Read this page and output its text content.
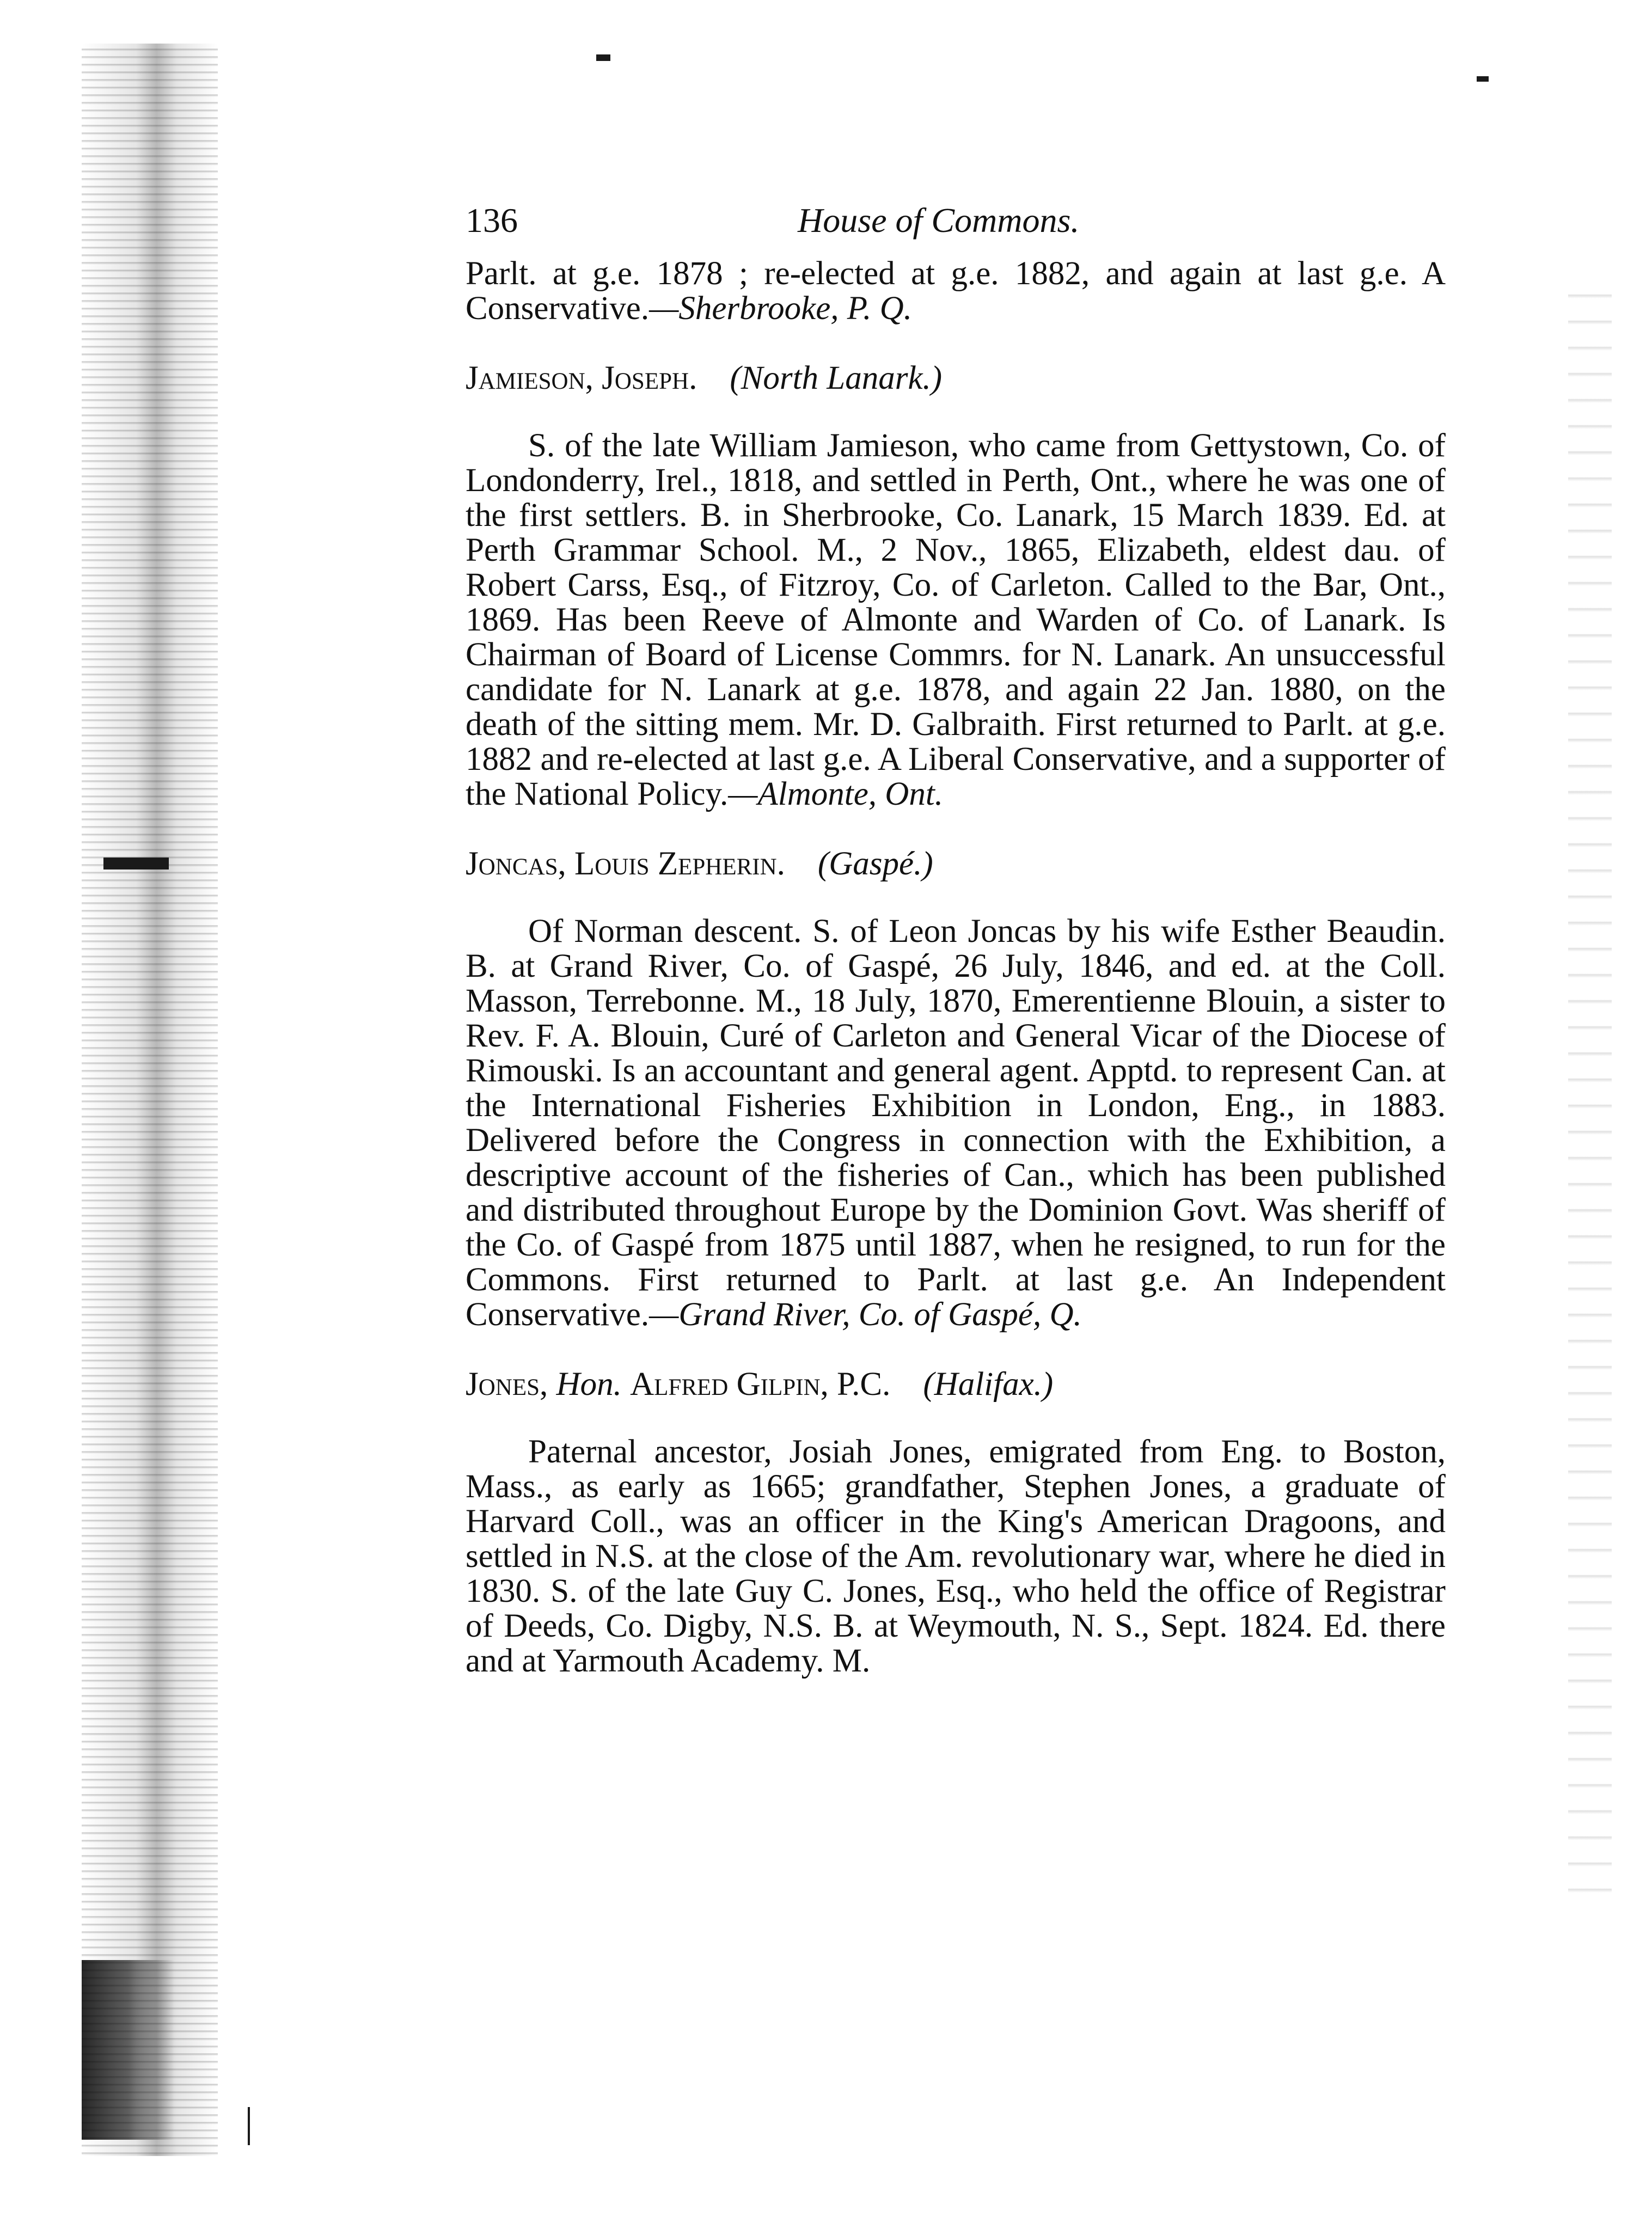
136	House of Commons.

Parlt. at g.e. 1878 ; re-elected at g.e. 1882, and again at last g.e. A Conservative.—Sherbrooke, P. Q.

Jamieson, Joseph. (North Lanark.)

S. of the late William Jamieson, who came from Gettystown, Co. of Londonderry, Irel., 1818, and settled in Perth, Ont., where he was one of the first settlers. B. in Sherbrooke, Co. Lanark, 15 March 1839. Ed. at Perth Grammar School. M., 2 Nov., 1865, Elizabeth, eldest dau. of Robert Carss, Esq., of Fitzroy, Co. of Carleton. Called to the Bar, Ont., 1869. Has been Reeve of Almonte and Warden of Co. of Lanark. Is Chairman of Board of License Commrs. for N. Lanark. An unsuccessful candidate for N. Lanark at g.e. 1878, and again 22 Jan. 1880, on the death of the sitting mem. Mr. D. Galbraith. First returned to Parlt. at g.e. 1882 and re-elected at last g.e. A Liberal Conservative, and a supporter of the National Policy.—Almonte, Ont.

Joncas, Louis Zepherin. (Gaspé.)

Of Norman descent. S. of Leon Joncas by his wife Esther Beaudin. B. at Grand River, Co. of Gaspé, 26 July, 1846, and ed. at the Coll. Masson, Terrebonne. M., 18 July, 1870, Emerentienne Blouin, a sister to Rev. F. A. Blouin, Curé of Carleton and General Vicar of the Diocese of Rimouski. Is an accountant and general agent. Apptd. to represent Can. at the International Fisheries Exhibition in London, Eng., in 1883. Delivered before the Congress in connection with the Exhibition, a descriptive account of the fisheries of Can., which has been published and distributed throughout Europe by the Dominion Govt. Was sheriff of the Co. of Gaspé from 1875 until 1887, when he resigned, to run for the Commons. First returned to Parlt. at last g.e. An Independent Conservative.—Grand River, Co. of Gaspé, Q.

Jones, Hon. Alfred Gilpin, P.C. (Halifax.)

Paternal ancestor, Josiah Jones, emigrated from Eng. to Boston, Mass., as early as 1665; grandfather, Stephen Jones, a graduate of Harvard Coll., was an officer in the King's American Dragoons, and settled in N.S. at the close of the Am. revolutionary war, where he died in 1830. S. of the late Guy C. Jones, Esq., who held the office of Registrar of Deeds, Co. Digby, N.S. B. at Weymouth, N. S., Sept. 1824. Ed. there and at Yarmouth Academy. M.
